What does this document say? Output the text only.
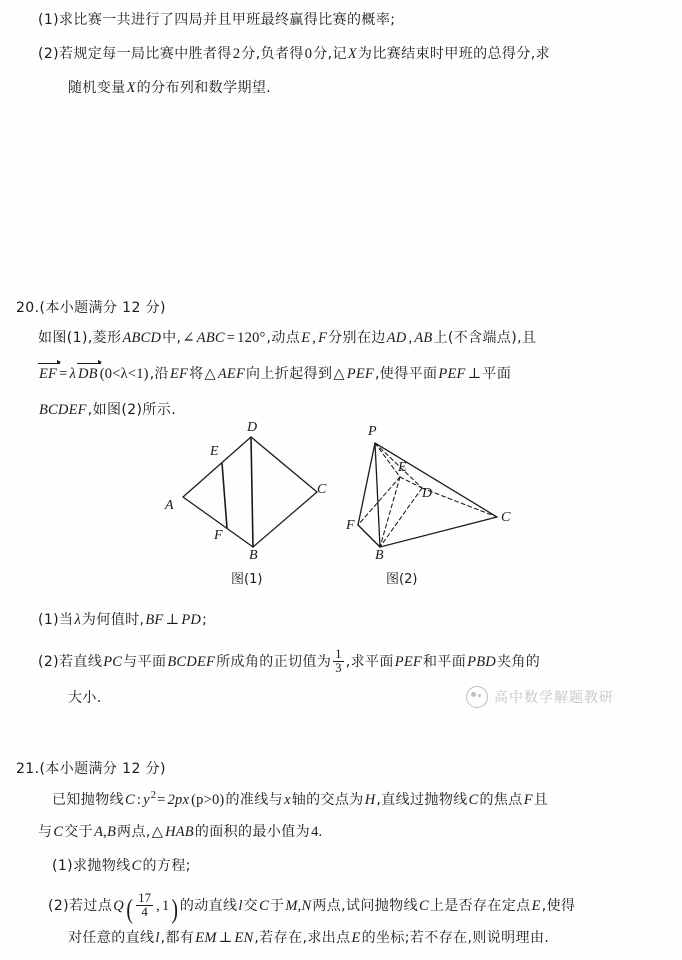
(1)求比赛一共进行了四局并且甲班最终赢得比赛的概率;
(2)若规定每一局比赛中胜者得2分,负者得0分,记X为比赛结束时甲班的总得分,求
随机变量X的分布列和数学期望.
20.(本小题满分 12 分)
如图(1),菱形ABCD中,∠ ABC = 120°,动点E , F分别在边AD , AB上(不含端点),且
EF = λ DB (0<λ<1),沿EF将△ AEF向上折起得到△ PEF,使得平面PEF ⊥平面
BCDEF,如图(2)所示.
A
B
C
D
E
F
图(1)
P
B
C
D
E
F
图(2)
(1)当λ为何值时,BF ⊥ PD;
(2)若直线PC与平面BCDEF所成角的正切值为 $\frac{1}{3}$ ,求平面PEF和平面PBD夹角的
大小.	高中数学解题教研
21.(本小题满分 12 分)
已知抛物线C : $y^2= 2px$ (p>0)的准线与x轴的交点为H,直线过抛物线C的焦点F且
与C交于A,B两点,△ HAB的面积的最小值为4.
(1)求抛物线C的方程;
(2)若过点$Q( \frac{17}{4}$ , 1)的动直线l交C于M,N两点,试问抛物线C上是否存在定点E,使得
对任意的直线l,都有EM ⊥ EN,若存在,求出点E的坐标;若不存在,则说明理由.
